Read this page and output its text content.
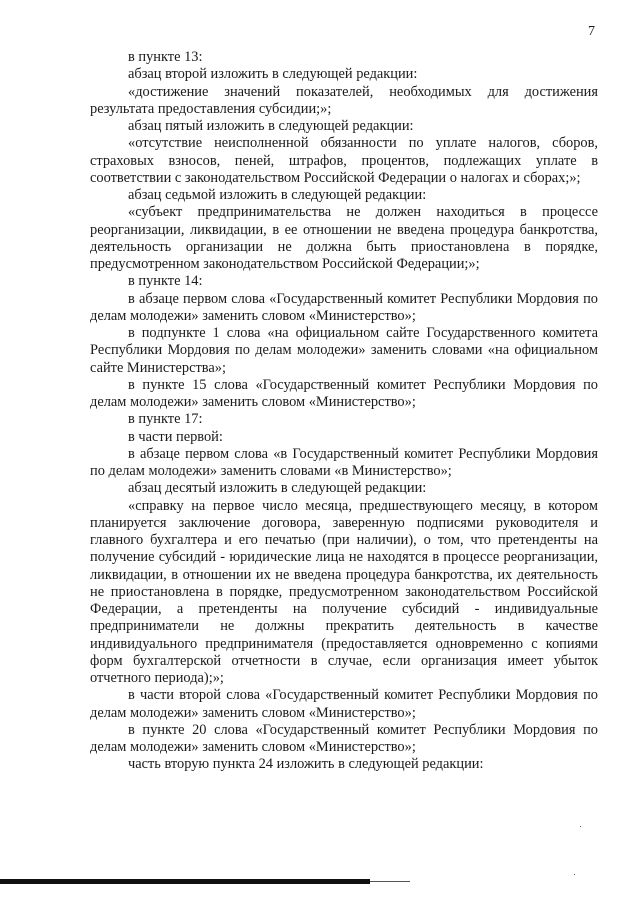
7

в пункте 13:

абзац второй изложить в следующей редакции:

«достижение значений показателей, необходимых для достижения результата предоставления субсидии;»;

абзац пятый изложить в следующей редакции:

«отсутствие неисполненной обязанности по уплате налогов, сборов, страховых взносов, пеней, штрафов, процентов, подлежащих уплате в соответствии с законодательством Российской Федерации о налогах и сборах;»;

абзац седьмой изложить в следующей редакции:

«субъект предпринимательства не должен находиться в процессе реорганизации, ликвидации, в ее отношении не введена процедура банкротства, деятельность организации не должна быть приостановлена в порядке, предусмотренном законодательством Российской Федерации;»;

в пункте 14:

в абзаце первом слова «Государственный комитет Республики Мордовия по делам молодежи» заменить словом «Министерство»;

в подпункте 1 слова «на официальном сайте Государственного комитета Республики Мордовия по делам молодежи» заменить словами «на официальном сайте Министерства»;

в пункте 15 слова «Государственный комитет Республики Мордовия по делам молодежи» заменить словом «Министерство»;

в пункте 17:

в части первой:

в абзаце первом слова «в Государственный комитет Республики Мордовия по делам молодежи» заменить словами «в Министерство»;

абзац десятый изложить в следующей редакции:

«справку на первое число месяца, предшествующего месяцу, в котором планируется заключение договора, заверенную подписями руководителя и главного бухгалтера и его печатью (при наличии), о том, что претенденты на получение субсидий - юридические лица не находятся в процессе реорганизации, ликвидации, в отношении их не введена процедура банкротства, их деятельность не приостановлена в порядке, предусмотренном законодательством Российской Федерации, а претенденты на получение субсидий - индивидуальные предприниматели не должны прекратить деятельность в качестве индивидуального предпринимателя (предоставляется одновременно с копиями форм бухгалтерской отчетности в случае, если организация имеет убыток отчетного периода);»;

в части второй слова «Государственный комитет Республики Мордовия по делам молодежи» заменить словом «Министерство»;

в пункте 20 слова «Государственный комитет Республики Мордовия по делам молодежи» заменить словом «Министерство»;

часть вторую пункта 24 изложить в следующей редакции:
